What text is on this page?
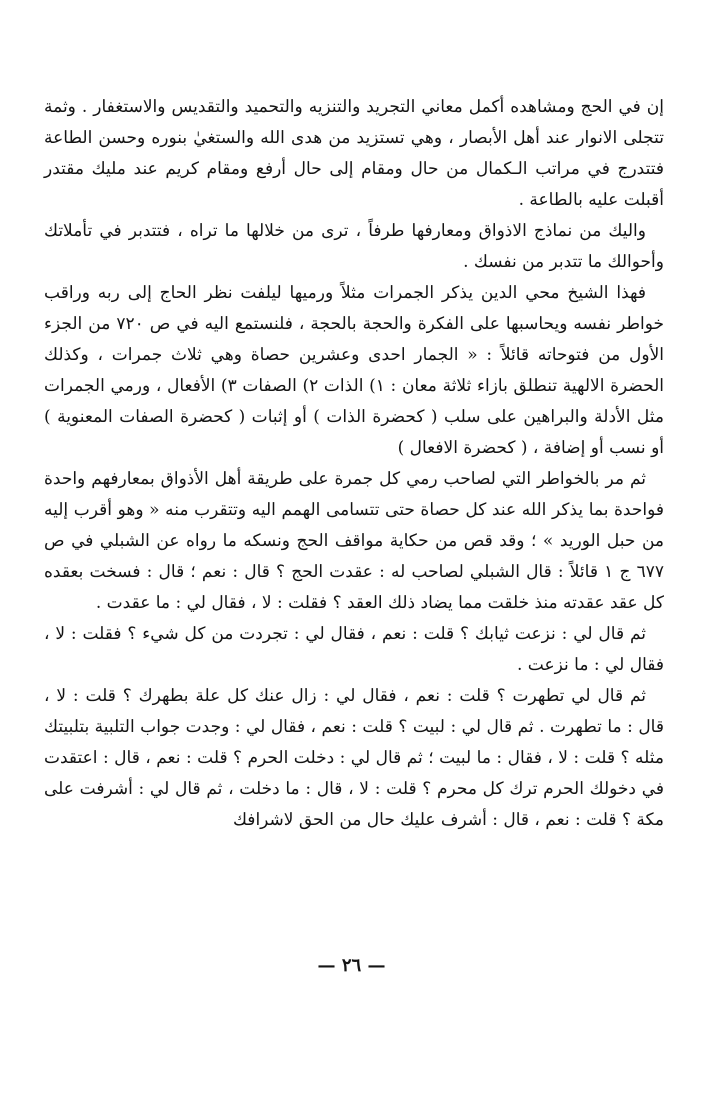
إن في الحج ومشاهده أكمل معاني التجريد والتنزيه والتحميد والتقديس والاستغفار . وثمة تتجلى الانوار عند أهل الأبصار ، وهي تستزيد من هدى الله والستغيٰ بنوره وحسن الطاعة فتتدرج في مراتب الـكمال من حال ومقام إلى حال أرفع ومقام كريم عند مليك مقتدر أقبلت عليه بالطاعة .

واليك من نماذج الاذواق ومعارفها طرفاً ، ترى من خلالها ما تراه ، فتتدبر في تأملاتك وأحوالك ما تتدبر من نفسك .

فهذا الشيخ محي الدين يذكر الجمرات مثلاً ورميها ليلفت نظر الحاج إلى ربه وراقب خواطر نفسه ويحاسبها على الفكرة والحجة بالحجة ، فلنستمع اليه في ص ٧٢٠ من الجزء الأول من فتوحاته قائلاً : « الجمار احدى وعشرين حصاة وهي ثلاث جمرات ، وكذلك الحضرة الالهية تنطلق بازاء ثلاثة معان : ١) الذات ٢) الصفات ٣) الأفعال ، ورمي الجمرات مثل الأدلة والبراهين على سلب ( كحضرة الذات ) أو إثبات ( كحضرة الصفات المعنوية ) أو نسب أو إضافة ، ( كحضرة الافعال )

ثم مر بالخواطر التي لصاحب رمي كل جمرة على طريقة أهل الأذواق بمعارفهم واحدة فواحدة بما يذكر الله عند كل حصاة حتى تتسامى الهمم اليه وتتقرب منه « وهو أقرب إليه من حبل الوريد » ؛ وقد قص من حكاية مواقف الحج ونسكه ما رواه عن الشبلي في ص ٦٧٧ ج ١ قائلاً : قال الشبلي لصاحب له : عقدت الحج ؟ قال : نعم ؛ قال : فسخت بعقده كل عقد عقدته منذ خلقت مما يضاد ذلك العقد ؟ فقلت : لا ، فقال لي : ما عقدت .

ثم قال لي : نزعت ثيابك ؟ قلت : نعم ، فقال لي : تجردت من كل شيء ؟ فقلت : لا ، فقال لي : ما نزعت .

ثم قال لي تطهرت ؟ قلت : نعم ، فقال لي : زال عنك كل علة بطهرك ؟ قلت : لا ، قال : ما تطهرت . ثم قال لي : لبيت ؟ قلت : نعم ، فقال لي : وجدت جواب التلبية بتلبيتك مثله ؟ قلت : لا ، فقال : ما لبيت ؛ ثم قال لي : دخلت الحرم ؟ قلت : نعم ، قال : اعتقدت في دخولك الحرم ترك كل محرم ؟ قلت : لا ، قال : ما دخلت ، ثم قال لي : أشرفت على مكة ؟ قلت : نعم ، قال : أشرف عليك حال من الحق لاشرافك

— ٢٦ —
